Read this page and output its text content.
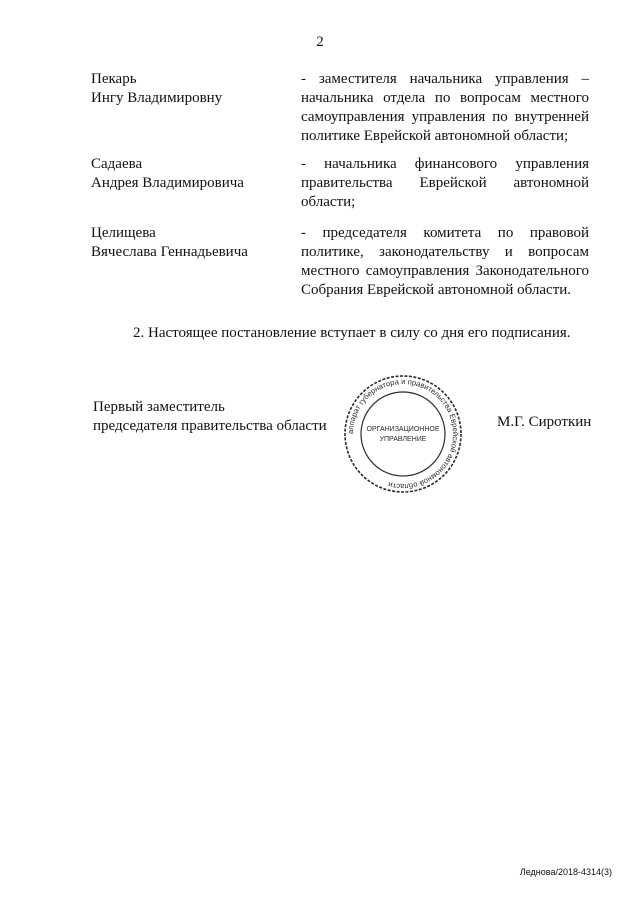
2
Пекарь
Ингу Владимировну
- заместителя начальника управления – начальника отдела по вопросам местного самоуправления управления по внутренней политике Еврейской автономной области;
Садаева
Андрея Владимировича
- начальника финансового управления правительства Еврейской автономной области;
Целищева
Вячеслава Геннадьевича
- председателя комитета по правовой политике, законодательству и вопросам местного самоуправления Законодательного Собрания Еврейской автономной области.
2. Настоящее постановление вступает в силу со дня его подписания.
Первый заместитель
председателя правительства области	аппарат губернатора и правительства Еврейской автономной области
ОРГАНИЗАЦИОННОЕ
УПРАВЛЕНИЕ
М.Г. Сироткин
Леднова/2018-4314(3)
